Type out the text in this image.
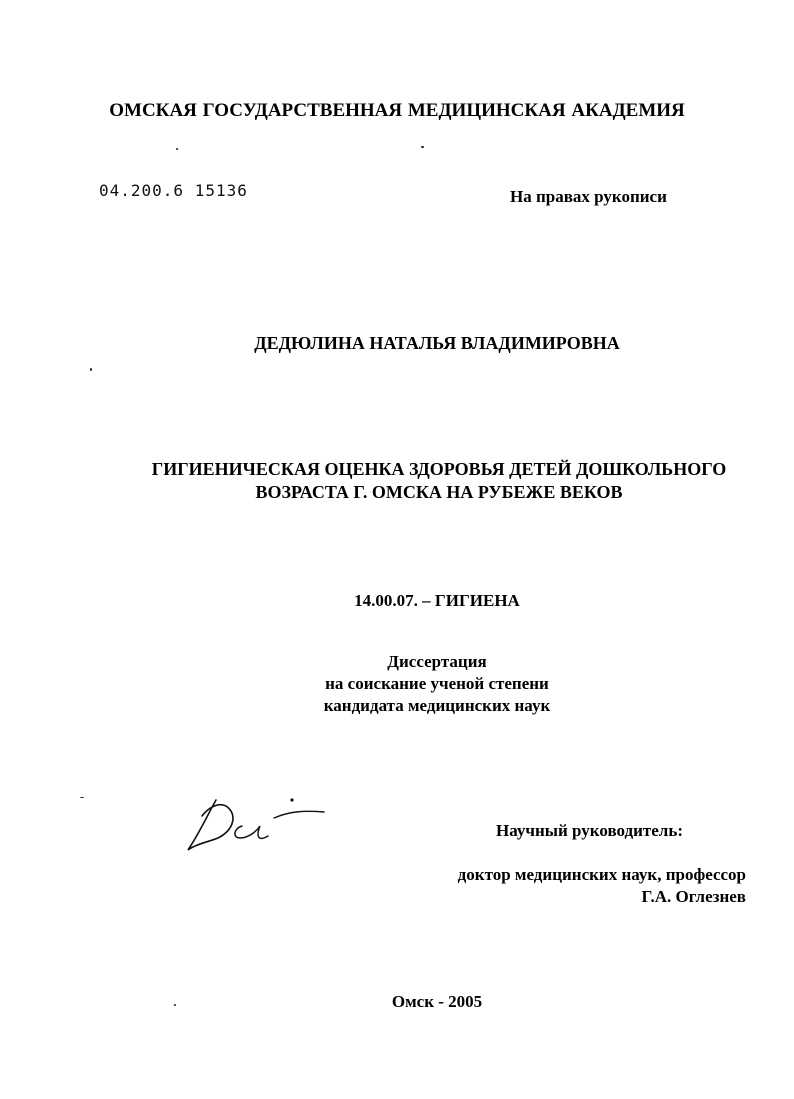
ОМСКАЯ ГОСУДАРСТВЕННАЯ МЕДИЦИНСКАЯ АКАДЕМИЯ
04.200.6 15136	На правах рукописи
ДЕДЮЛИНА НАТАЛЬЯ ВЛАДИМИРОВНА
ГИГИЕНИЧЕСКАЯ ОЦЕНКА ЗДОРОВЬЯ ДЕТЕЙ ДОШКОЛЬНОГО
ВОЗРАСТА Г. ОМСКА НА РУБЕЖЕ ВЕКОВ
14.00.07. – ГИГИЕНА
Диссертация
на соискание ученой степени
кандидата медицинских наук
Научный руководитель:
доктор медицинских наук, профессор
Г.А. Оглезнев
Омск - 2005
